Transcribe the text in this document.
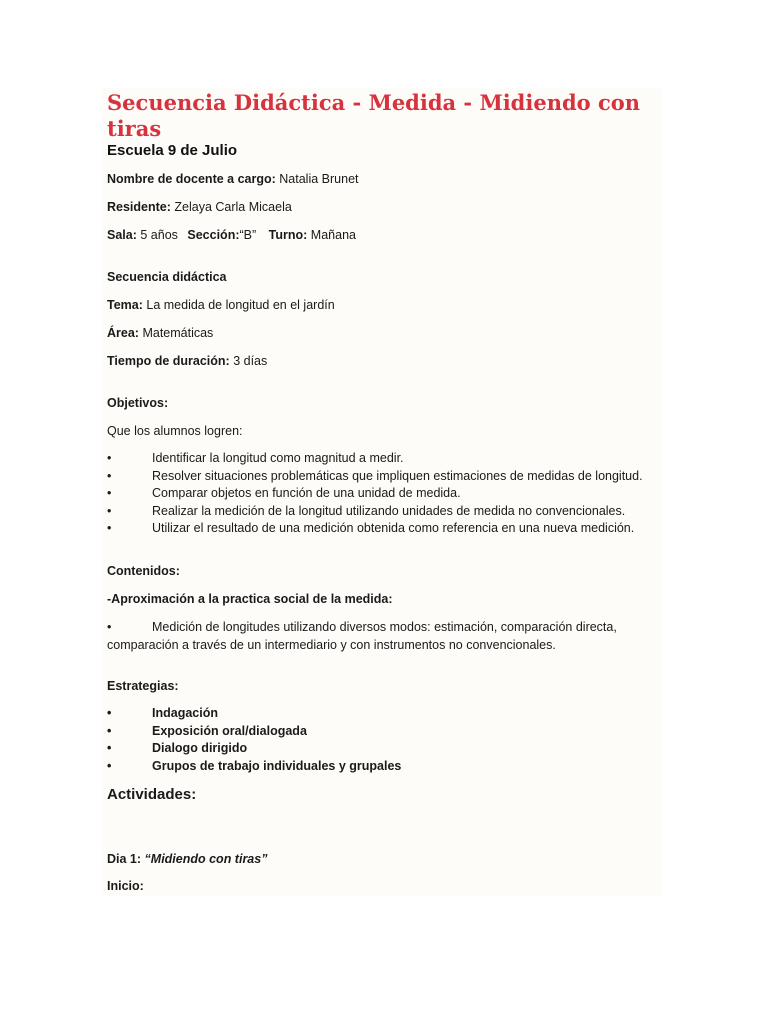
Secuencia Didáctica - Medida - Midiendo con tiras
Escuela 9 de Julio
Nombre de docente a cargo: Natalia Brunet
Residente: Zelaya Carla Micaela
Sala: 5 años Sección:“B” Turno: Mañana
Secuencia didáctica
Tema: La medida de longitud en el jardín
Área: Matemáticas
Tiempo de duración: 3 días
Objetivos:
Que los alumnos logren:
•	Identificar la longitud como magnitud a medir.
•	Resolver situaciones problemáticas que impliquen estimaciones de medidas de longitud.
•	Comparar objetos en función de una unidad de medida.
•	Realizar la medición de la longitud utilizando unidades de medida no convencionales.
•	Utilizar el resultado de una medición obtenida como referencia en una nueva medición.
Contenidos:
-Aproximación a la practica social de la medida:
•	Medición de longitudes utilizando diversos modos: estimación, comparación directa, comparación a través de un intermediario y con instrumentos no convencionales.
Estrategias:
•	Indagación
•	Exposición oral/dialogada
•	Dialogo dirigido
•	Grupos de trabajo individuales y grupales
Actividades:
Dia 1: “Midiendo con tiras”
Inicio:
